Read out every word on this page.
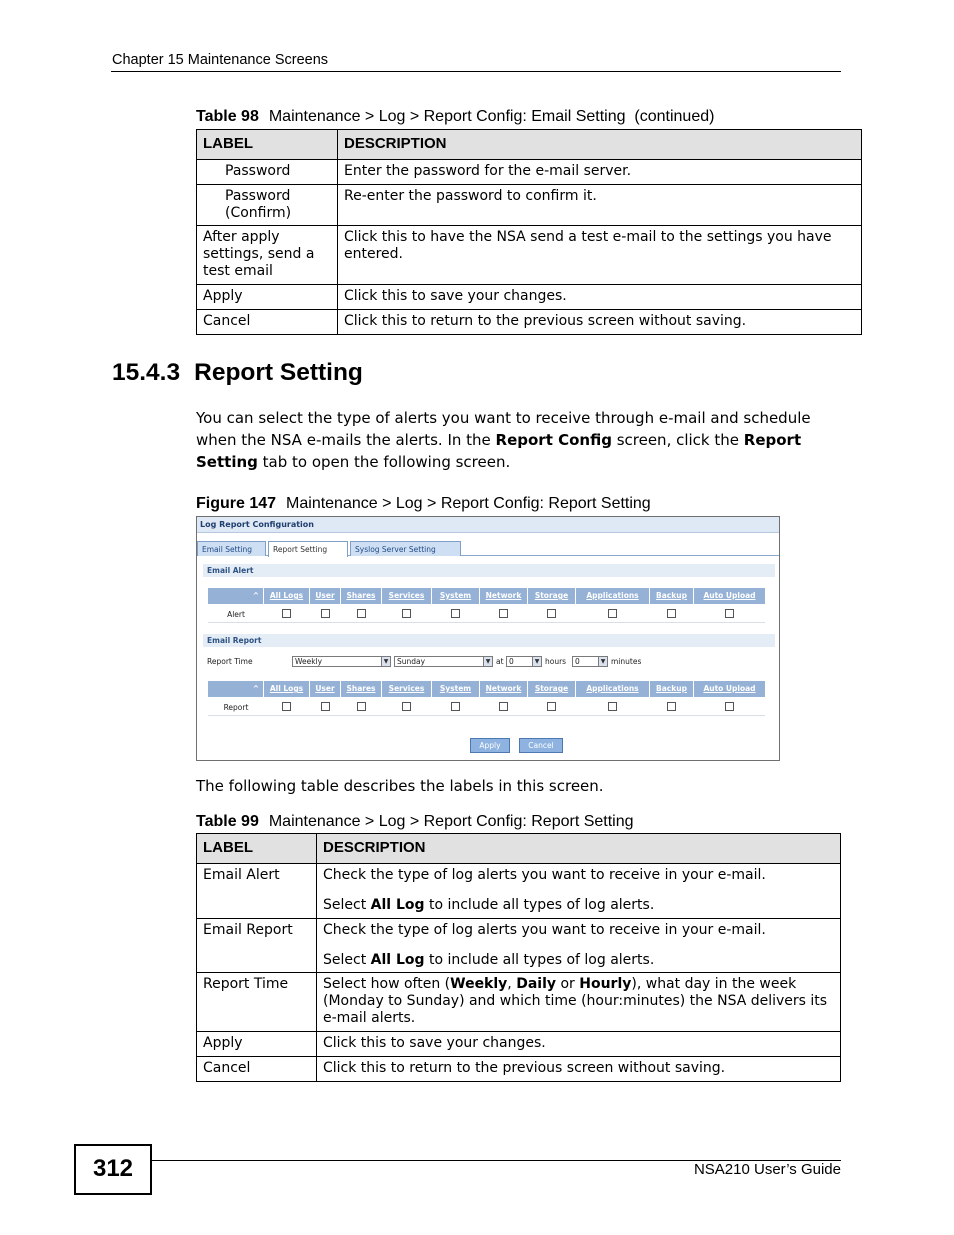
Chapter 15 Maintenance Screens
Table 98 Maintenance > Log > Report Config: Email Setting  (continued)
LABEL	DESCRIPTION
Password	Enter the password for the e-mail server.
Password (Confirm)	Re-enter the password to confirm it.
After apply settings, send a test email	Click this to have the NSA send a test e-mail to the settings you have entered.
Apply	Click this to save your changes.
Cancel	Click this to return to the previous screen without saving.
15.4.3 Report Setting

You can select the type of alerts you want to receive through e-mail and schedule when the NSA e-mails the alerts. In the Report Config screen, click the Report Setting tab to open the following screen.

Figure 147 Maintenance > Log > Report Config: Report Setting
Log Report Configuration
Email Setting	Report Setting	Syslog Server Setting
Email Alert
^	All Logs	User	Shares	Services	System	Network	Storage	Applications	Backup	Auto Upload
Alert
Email Report
Report Time	Weekly	▼	Sunday	▼ at 0	▼ hours	0	▼ minutes
^	All Logs	User	Shares	Services	System	Network	Storage	Applications	Backup	Auto Upload
Report
Apply	Cancel

The following table describes the labels in this screen.

Table 99 Maintenance > Log > Report Config: Report Setting
LABEL	DESCRIPTION
Email Alert	Check the type of log alerts you want to receive in your e-mail.

Select All Log to include all types of log alerts.

Email Report	Check the type of log alerts you want to receive in your e-mail.

Select All Log to include all types of log alerts.

Report Time	Select how often (Weekly, Daily or Hourly), what day in the week (Monday to Sunday) and which time (hour:minutes) the NSA delivers its e-mail alerts.
Apply	Click this to save your changes.
Cancel	Click this to return to the previous screen without saving.
312	NSA210 User’s Guide
